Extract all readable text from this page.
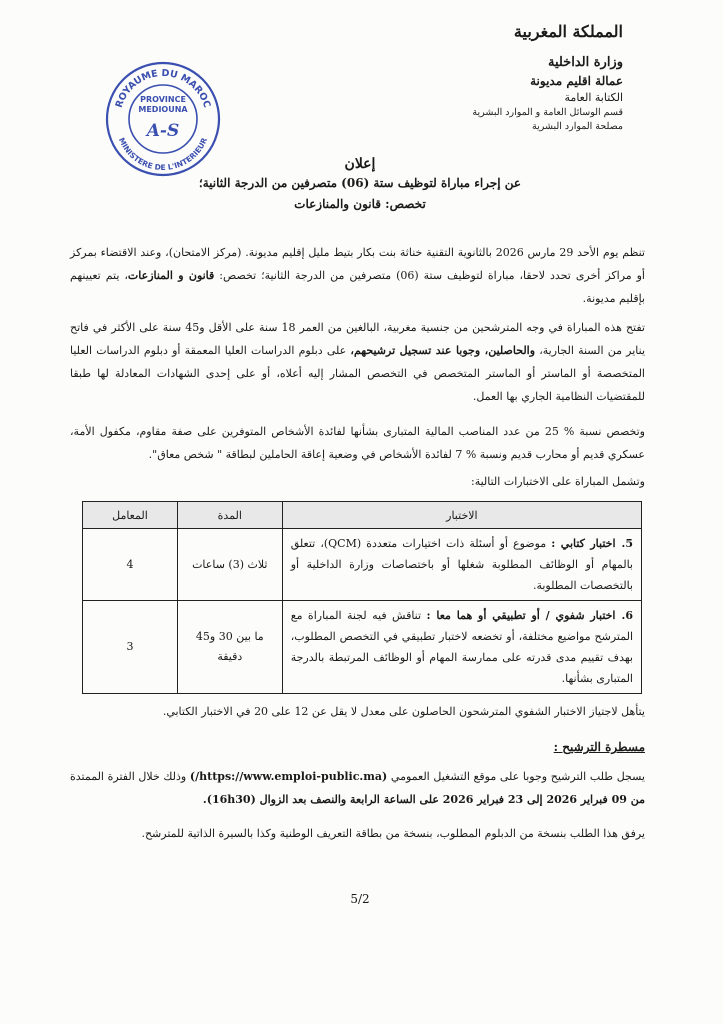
المملكة المغربية
وزارة الداخلية
عمالة اقليم مديونة
الكتابة العامة
قسم الوسائل العامة و الموارد البشرية
مصلحة الموارد البشرية
ROYAUME DU MAROC
MINISTERE DE L'INTERIEUR
PROVINCE
MEDIOUNA
A-S
إعلان
عن إجراء مباراة لتوظيف ستة (06) متصرفين من الدرجة الثانية؛
تخصص: قانون والمنازعات
تنظم يوم الأحد 29 مارس 2026 بالثانوية التقنية خناثة بنت بكار بتيط مليل إقليم مديونة. (مركز الامتحان)، وعند الاقتضاء بمركز أو مراكز أخرى تحدد لاحقا، مباراة لتوظيف ستة (06) متصرفين من الدرجة الثانية؛ تخصص: قانون و المنازعات، يتم تعيينهم بإقليم مديونة.
تفتح هذه المباراة في وجه المترشحين من جنسية مغربية، البالغين من العمر 18 سنة على الأقل و45 سنة على الأكثر في فاتح يناير من السنة الجارية، والحاصلين، وجوبا عند تسجيل ترشيحهم، على دبلوم الدراسات العليا المعمقة أو دبلوم الدراسات العليا المتخصصة أو الماستر أو الماستر المتخصص في التخصص المشار إليه أعلاه، أو على إحدى الشهادات المعادلة لها طبقا للمقتضيات النظامية الجاري بها العمل.
وتخصص نسبة % 25 من عدد المناصب المالية المتبارى بشأنها لفائدة الأشخاص المتوفرين على صفة مقاوم، مكفول الأمة، عسكري قديم أو محارب قديم ونسبة % 7 لفائدة الأشخاص في وضعية إعاقة الحاملين لبطاقة " شخص معاق".
وتشمل المباراة على الاختبارات التالية:
الاختبار	المدة	المعامل
5.اختبار كتابي : موضوع أو أسئلة ذات اختيارات متعددة (QCM)، تتعلق بالمهام أو الوظائف المطلوبة شغلها أو باختصاصات وزارة الداخلية أو بالتخصصات المطلوبة.	ثلاث (3) ساعات	4
6.اختبار شفوي / أو تطبيقي أو هما معا : تناقش فيه لجنة المباراة مع المترشح مواضيع مختلفة، أو تخضعه لاختبار تطبيقي في التخصص المطلوب، بهدف تقييم مدى قدرته على ممارسة المهام أو الوظائف المرتبطة بالدرجة المتبارى بشأنها.	ما بين 30 و45 دقيقة	3
يتأهل لاجتياز الاختبار الشفوي المترشحون الحاصلون على معدل لا يقل عن 12 على 20 في الاختبار الكتابي.
مسطرة الترشيح :
يسجل طلب الترشيح وجوبا على موقع التشغيل العمومي (https://www.emploi-public.ma/) وذلك خلال الفترة الممتدة من 09 فبراير 2026 إلى 23 فبراير 2026 على الساعة الرابعة والنصف بعد الزوال (16h30).
يرفق هذا الطلب بنسخة من الدبلوم المطلوب، بنسخة من بطاقة التعريف الوطنية وكذا بالسيرة الذاتية للمترشح.
5/2
